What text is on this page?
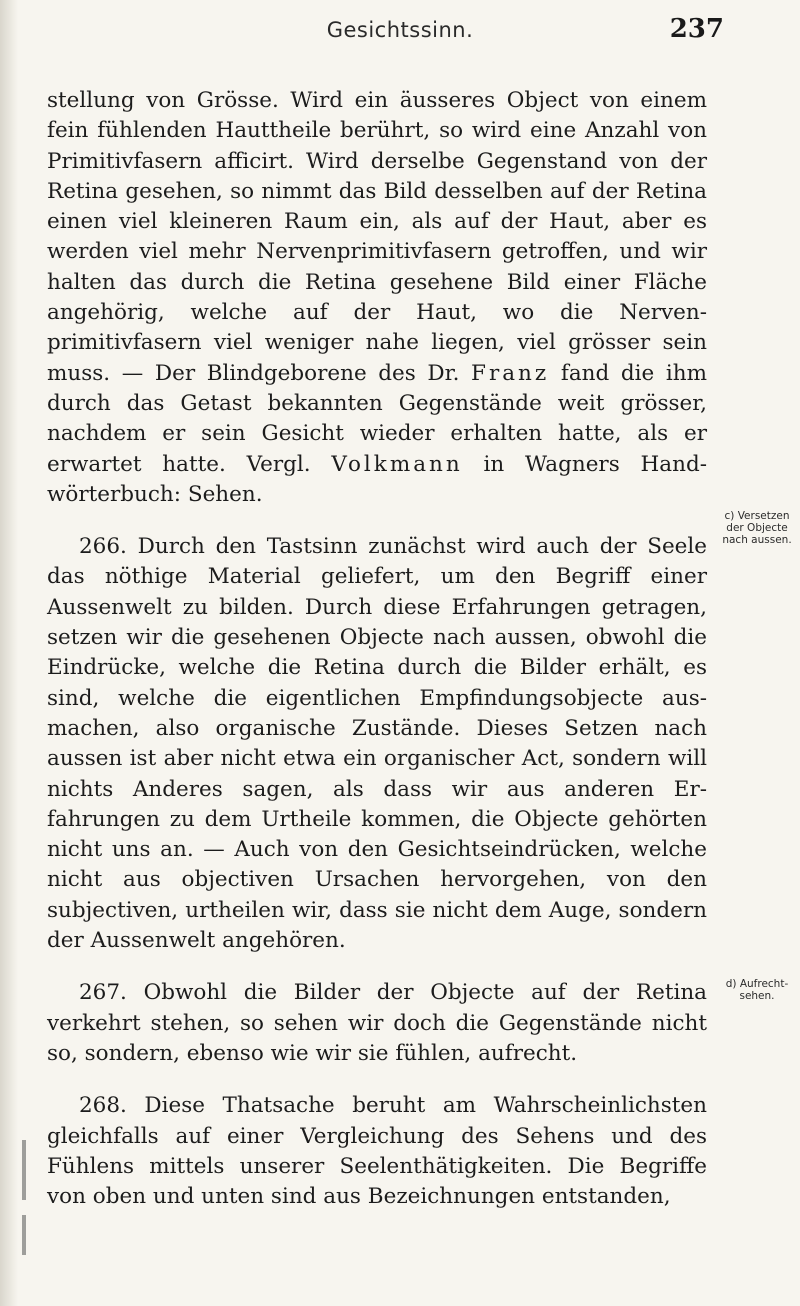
Gesichtssinn.	237

stellung von Grösse. Wird ein äusseres Object von einem fein fühlenden Hauttheile berührt, so wird eine Anzahl von Primitivfasern afficirt. Wird derselbe Gegenstand von der Retina gesehen, so nimmt das Bild desselben auf der Retina einen viel kleineren Raum ein, als auf der Haut, aber es werden viel mehr Nervenprimitivfasern getroffen, und wir halten das durch die Retina gesehene Bild einer Fläche angehörig, welche auf der Haut, wo die Nerven-primitivfasern viel weniger nahe liegen, viel grösser sein muss. — Der Blindgeborene des Dr. Franz fand die ihm durch das Getast bekannten Gegenstände weit grösser, nachdem er sein Gesicht wieder erhalten hatte, als er erwartet hatte. Vergl. Volkmann in Wagners Hand-wörterbuch: Sehen.

266. Durch den Tastsinn zunächst wird auch der Seele das nöthige Material geliefert, um den Begriff einer Aussenwelt zu bilden. Durch diese Erfahrungen getragen, setzen wir die gesehenen Objecte nach aussen, obwohl die Eindrücke, welche die Retina durch die Bilder erhält, es sind, welche die eigentlichen Empfindungsobjecte aus-machen, also organische Zustände. Dieses Setzen nach aussen ist aber nicht etwa ein organischer Act, sondern will nichts Anderes sagen, als dass wir aus anderen Er-fahrungen zu dem Urtheile kommen, die Objecte gehörten nicht uns an. — Auch von den Gesichtseindrücken, welche nicht aus objectiven Ursachen hervorgehen, von den subjectiven, urtheilen wir, dass sie nicht dem Auge, sondern der Aussenwelt angehören.

267. Obwohl die Bilder der Objecte auf der Retina verkehrt stehen, so sehen wir doch die Gegenstände nicht so, sondern, ebenso wie wir sie fühlen, aufrecht.

268. Diese Thatsache beruht am Wahrscheinlichsten gleichfalls auf einer Vergleichung des Sehens und des Fühlens mittels unserer Seelenthätigkeiten. Die Begriffe von oben und unten sind aus Bezeichnungen entstanden,

c) Versetzen der Objecte nach aussen.
d) Aufrecht-sehen.
